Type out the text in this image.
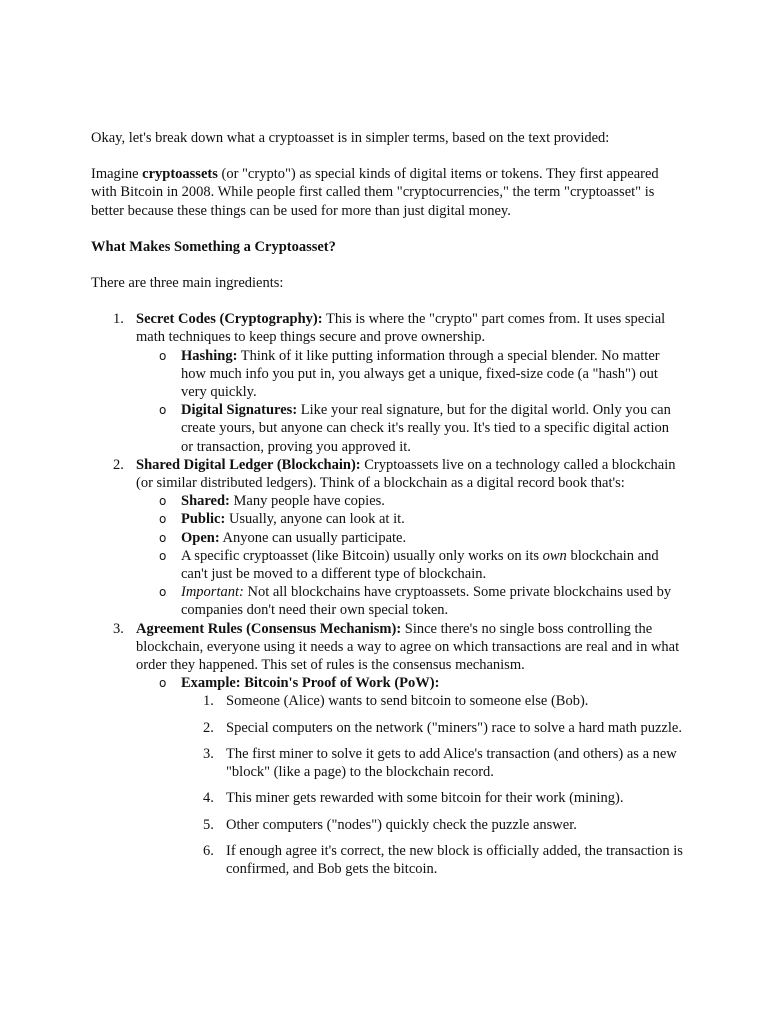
Okay, let's break down what a cryptoasset is in simpler terms, based on the text provided:

Imagine cryptoassets (or "crypto") as special kinds of digital items or tokens. They first appeared with Bitcoin in 2008. While people first called them "cryptocurrencies," the term "cryptoasset" is better because these things can be used for more than just digital money.

What Makes Something a Cryptoasset?

There are three main ingredients:

1. Secret Codes (Cryptography): This is where the "crypto" part comes from. It uses special math techniques to keep things secure and prove ownership.
o Hashing: Think of it like putting information through a special blender. No matter how much info you put in, you always get a unique, fixed-size code (a "hash") out very quickly.
o Digital Signatures: Like your real signature, but for the digital world. Only you can create yours, but anyone can check it's really you. It's tied to a specific digital action or transaction, proving you approved it.
2. Shared Digital Ledger (Blockchain): Cryptoassets live on a technology called a blockchain (or similar distributed ledgers). Think of a blockchain as a digital record book that's:
o Shared: Many people have copies.
o Public: Usually, anyone can look at it.
o Open: Anyone can usually participate.
o A specific cryptoasset (like Bitcoin) usually only works on its own blockchain and can't just be moved to a different type of blockchain.
o Important: Not all blockchains have cryptoassets. Some private blockchains used by companies don't need their own special token.
3. Agreement Rules (Consensus Mechanism): Since there's no single boss controlling the blockchain, everyone using it needs a way to agree on which transactions are real and in what order they happened. This set of rules is the consensus mechanism.
o Example: Bitcoin's Proof of Work (PoW):
1. Someone (Alice) wants to send bitcoin to someone else (Bob).
2. Special computers on the network ("miners") race to solve a hard math puzzle.
3. The first miner to solve it gets to add Alice's transaction (and others) as a new "block" (like a page) to the blockchain record.
4. This miner gets rewarded with some bitcoin for their work (mining).
5. Other computers ("nodes") quickly check the puzzle answer.
6. If enough agree it's correct, the new block is officially added, the transaction is confirmed, and Bob gets the bitcoin.
